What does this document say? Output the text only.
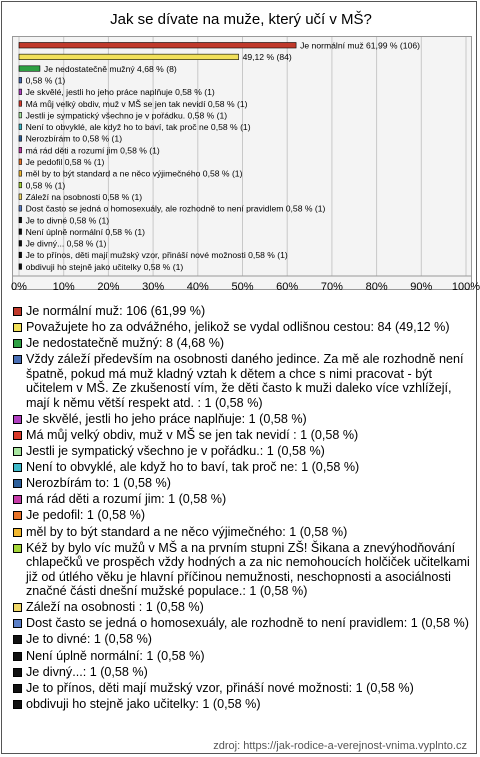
Jak se dívate na muže, který učí v MŠ?
0% 10% 20% 30% 40% 50% 60% 70% 80% 90% 100%
Je normální muž 61,99 % (106)
49,12 % (84)
Je nedostatečně mužný 4,68 % (8)
0,58 % (1)
Je skvělé, jestli ho jeho práce naplňuje 0,58 % (1)
Má můj velký obdiv, muž v MŠ se jen tak nevidí 0,58 % (1)
Jestli je sympatický všechno je v pořádku. 0,58 % (1)
Není to obvyklé, ale když ho to baví, tak proč ne 0,58 % (1)
Nerozbírám to 0,58 % (1)
má rád děti a rozumí jim 0,58 % (1)
Je pedofil 0,58 % (1)
měl by to být standard a ne něco výjimečného 0,58 % (1)
0,58 % (1)
Záleží na osobnosti 0,58 % (1)
Dost často se jedná o homosexuály, ale rozhodně to není pravidlem 0,58 % (1)
Je to divné 0,58 % (1)
Není úplně normální 0,58 % (1)
Je divný... 0,58 % (1)
Je to přínos, děti mají mužský vzor, přináší nové možnosti 0,58 % (1)
obdivuji ho stejně jako učitelky 0,58 % (1)
Je normální muž: 106 (61,99 %)
Považujete ho za odvážného, jelikož se vydal odlišnou cestou: 84 (49,12 %)
Je nedostatečně mužný: 8 (4,68 %)
Vždy záleží především na osobnosti daného jedince. Za mě ale rozhodně není špatně, pokud má muž kladný vztah k dětem a chce s nimi pracovat - být učitelem v MŠ. Ze zkušeností vím, že děti často k muži daleko více vzhlížejí, mají k němu větší respekt atd. : 1 (0,58 %)
Je skvělé, jestli ho jeho práce naplňuje: 1 (0,58 %)
Má můj velký obdiv, muž v MŠ se jen tak nevidí : 1 (0,58 %)
Jestli je sympatický všechno je v pořádku.: 1 (0,58 %)
Není to obvyklé, ale když ho to baví, tak proč ne: 1 (0,58 %)
Nerozbírám to: 1 (0,58 %)
má rád děti a rozumí jim: 1 (0,58 %)
Je pedofil: 1 (0,58 %)
měl by to být standard a ne něco výjimečného: 1 (0,58 %)
Kéž by bylo víc mužů v MŠ a na prvním stupni ZŠ! Šikana a znevýhodňování chlapečků ve prospěch vždy hodných a za nic nemohoucích holčiček učitelkami již od útlého věku je hlavní příčinou nemužnosti, neschopnosti a asociálnosti značné části dnešní mužské populace.: 1 (0,58 %)
Záleží na osobnosti : 1 (0,58 %)
Dost často se jedná o homosexuály, ale rozhodně to není pravidlem: 1 (0,58 %)
Je to divné: 1 (0,58 %)
Není úplně normální: 1 (0,58 %)
Je divný...: 1 (0,58 %)
Je to přínos, děti mají mužský vzor, přináší nové možnosti: 1 (0,58 %)
obdivuji ho stejně jako učitelky: 1 (0,58 %)
zdroj: https://jak-rodice-a-verejnost-vnima.vyplnto.cz
